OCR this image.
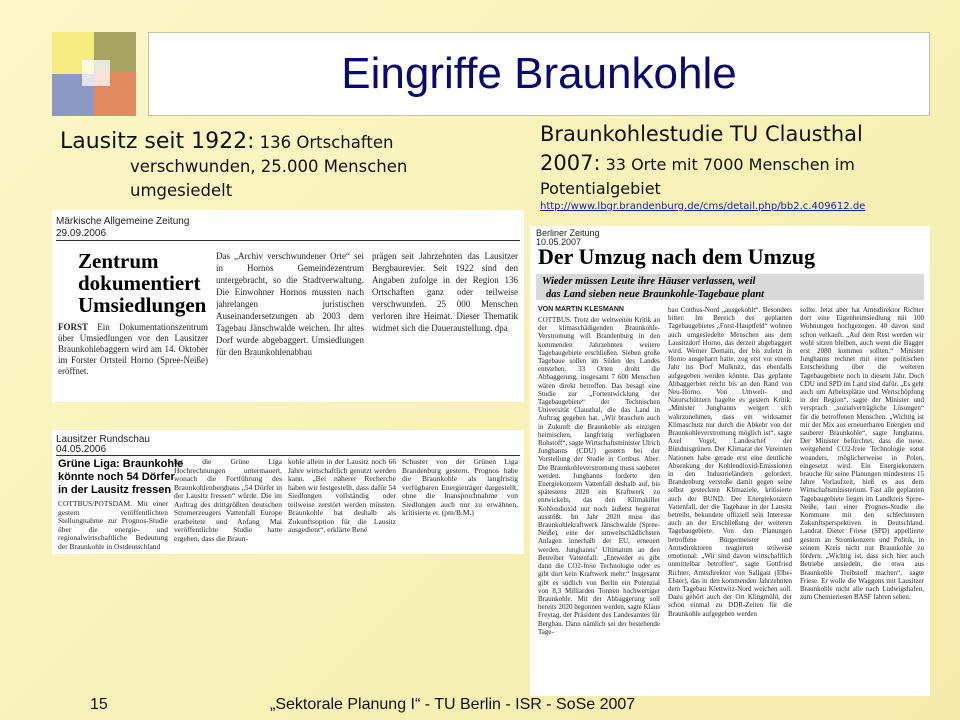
Eingriffe Braunkohle
Lausitz seit 1922: 136 Ortschaften
verschwunden, 25.000 Menschen
umgesiedelt
Braunkohlestudie TU Clausthal
2007: 33 Orte mit 7000 Menschen im
Potentialgebiet
http://www.lbgr.brandenburg.de/cms/detail.php/bb2.c.409612.de
Märkische Allgemeine Zeitung
29.09.2006
Zentrum
dokumentiert
Umsiedlungen
FORST Ein Dokumentationszentrum über Umsiedlungen vor den Lausitzer Braunkohlebaggern wird am 14. Oktober im Forster Ortsteil Horno (Spree-Neiße) eröffnet.
Das „Archiv verschwundener Orte“ sei in Hornos Gemeindezentrum untergebracht, so die Stadtverwaltung. Die Einwohner Hornos mussten nach jahrelangen juristischen Auseinandersetzungen ab 2003 dem Tagebau Jänschwalde weichen. Ihr altes Dorf wurde abgebaggert. Umsiedlungen für den Braunkohlenabbau
prägen seit Jahrzehnten das Lausitzer Bergbaurevier. Seit 1922 sind den Angaben zufolge in der Region 136 Ortschaften ganz oder teilweise verschwunden. 25 000 Menschen verloren ihre Heimat. Dieser Thematik widmet sich die Daueraustellung. dpa
Lausitzer Rundschau
04.05.2006
Grüne Liga: Braunkohle
könnte noch 54 Dörfer
in der Lausitz fressen
COTTBUS/POTSDAM. Mit einer gestern veröffentlichten Stellungnahme zur Prognos-Studie über die energie- und regionalwirtschaftliche Bedeutung der Braunkohle in Ostdeutschland
hat die Grüne Liga Hochrechnungen untermauert, wonach die Fortführung des Braunkohlenbergbaus „54 Dörfer in der Lausitz fressen“ würde. Die im Auftrag des drittgrößten deutschen Stromerzeugers Vattenfall Europe erarbeitete und Anfang Mai veröffentlichte Studie hatte ergeben, dass die Braun-
kohle allein in der Lausitz noch 66 Jahre wirtschaftlich genutzt werden kann. „Bei näherer Recherche haben wir festgestellt, dass dafür 54 Siedlungen vollständig oder teilweise zerstört werden müssten. Braunkohle hat deshalb als Zukunftsoption für die Lausitz ausgedient“, erklärte René
Schuster von der Grünen Liga Brandenburg gestern. Prognos habe die Braunkohle als langfristig verfügbaren Energieträger dargestellt, ohne die Inanspruchnahme von Siedlungen auch nur zu erwähnen, kritisierte er. (pm/B.M.)
Berliner Zeitung
10.05.2007
Der Umzug nach dem Umzug
Wieder müssen Leute ihre Häuser verlassen, weil
das Land sieben neue Braunkohle-Tagebaue plant
VON MARTIN KLESMANN
COTTBUS. Trotz der weltweiten Kritik an der klimaschädigenden Braunkohle-Verstromung will Brandenburg in den kommenden Jahrzehnten weitere Tagebaugebiete erschließen. Sieben große Tagebaue sollen im Süden des Landes entstehen, 33 Orten droht die Abbaggerung, insgesamt 7 600 Menschen wären direkt betroffen. Das besagt eine Studie zur „Fortentwicklung der Tagebaugebiete“ der Technischen Universität Clausthal, die das Land in Auftrag gegeben hat. „Wir brauchen auch in Zukunft die Braunkohle als einzigen heimischen, langfristig verfügbaren Rohstoff“, sagte Wirtschaftsminister Ulrich Junghanns (CDU) gestern bei der Vorstellung der Studie in Cottbus. Aber: Die Braunkohleverstromung muss sauberer werden. Junghanns forderte den Energiekonzern Vattenfall deshalb auf, bis spätestens 2020 ein Kraftwerk zu entwickeln, das den Klimakiller Kohlendioxid nur noch äußerst begrenzt ausstößt. Im Jahr 2020 muss das Braunkohlekraftwerk Jänschwalde (Spree-Neiße), eine der umweltschädlichsten Anlagen innerhalb der EU, erneuert werden. Junghanns’ Ultimatum an den Betreiber Vattenfall: „Entweder es gibt dann die CO2-freie Technologie oder es gibt dort kein Kraftwerk mehr.“ Insgesamt gibt es südlich von Berlin ein Potenzial von 8,3 Milliarden Tonnen hochwertiger Braunkohle. Mit der Abbaggerung soll bereits 2020 begonnen werden, sagte Klaus Freytag, der Präsident des Landesamtes für Bergbau. Dann nämlich sei der bestehende Tage-
bau Cottbus-Nord „ausgekohlt“. Besonders bitter: Im Bereich des geplanten Tagebaugebietes „Forst-Hauptfeld“ wohnen auch umgesiedelte Menschen aus dem Lausitzdorf Horno, das derzeit abgebaggert wird. Werner Domain, der bis zuletzt in Horno ausgeharrt hatte, zog erst vor einem Jahr ins Dorf Mulknitz, das ebenfalls aufgegeben werden könnte. Das geplante Abbaggerbiet reicht bis an den Rand von Neu-Horno. Von Umwelt- und Naturschützern hagelte es gestern Kritik: „Minister Junghanns weigert sich wahrzunehmen, dass ein wirksamer Klimaschutz nur durch die Abkehr von der Braunkohleverstromung möglich ist“, sagte Axel Vogel, Landeschef der Bündnisgrünen. Der Klimarat der Vereinten Nationen habe gerade erst eine deutliche Absenkung der Kohlendioxid-Emissionen in den Industrieländern gefordert. Brandenburg verstoße damit gegen seine selbst gesteckten Klimaziele, kritisierte auch der BUND. Der Energiekonzern Vattenfall, der die Tagebaue in der Lausitz betreibt, bekundete offiziell sein Interesse auch an der Erschließung der weiteren Tagebaugebiete. Von den Planungen betroffene Bürgermeister und Amtsdirektoren reagierten teilweise emotional: „Wir sind davon wirtschaftlich unmittelbar betroffen“, sagte Gottfried Richter, Amtsdirektor von Sallgast (Elbe-Elster), das in den kommenden Jahrzehnten dem Tagebau Klettwitz-Nord weichen soll. Dazu gehört auch der Ort Klingmühl, der schon einmal zu DDR-Zeiten für die Braunkohle aufgegeben werden
sollte. Jetzt aber hat Amtsdirektor Richter dort eine Eigenheimsiedlung mit 100 Wohnungen hochgezogen. 40 davon sind schon verkauft. „Auf dem Rest werden wir wohl sitzen bleiben, auch wenn die Bagger erst 2080 kommen sollten.“ Minister Junghanns rechnet mit einer politischen Entscheidung über die weiteren Tagebaugebiete noch in diesem Jahr. Doch CDU und SPD im Land sind dafür. „Es geht auch um Arbeitsplätze und Wertschöpfung in der Region“, sagte der Minister und versprach „sozialverträgliche Lösungen“ für die betroffenen Menschen. „Wichtig ist mir der Mix aus erneuerbaren Energien und sauberer Braunkohle“, sagte Junghanns. Der Minister befürchtet, dass die neue, weitgehend CO2-freie Technologie sonst woanders, möglicherweise in Polen, eingesetzt wird. Ein Energiekonzern brauche für seine Planungen mindestens 15 Jahre Vorlaufzeit, hieß es aus dem Wirtschaftsministerium. Fast alle geplanten Tagebaugebiete liegen im Landkreis Spree-Neiße, laut einer Prognos-Studie die Kommune mit den schlechtesten Zukunftsperspektiven in Deutschland. Landrat Dieter Friese (SPD) appellierte gestern an Stromkonzern und Politik, in seinem Kreis nicht nur Braunkohle zu fördern. „Wichtig ist, dass sich hier auch Betriebe ansiedeln, die etwa aus Braunkohle Treibstoff machen“, sagte Friese. Er wolle die Waggons mit Lausitzer Braunkohle nicht alle nach Ludwigshafen, zum Chemieriesen BASF fahren sehen.
15	„Sektorale Planung I“ - TU Berlin - ISR - SoSe 2007
